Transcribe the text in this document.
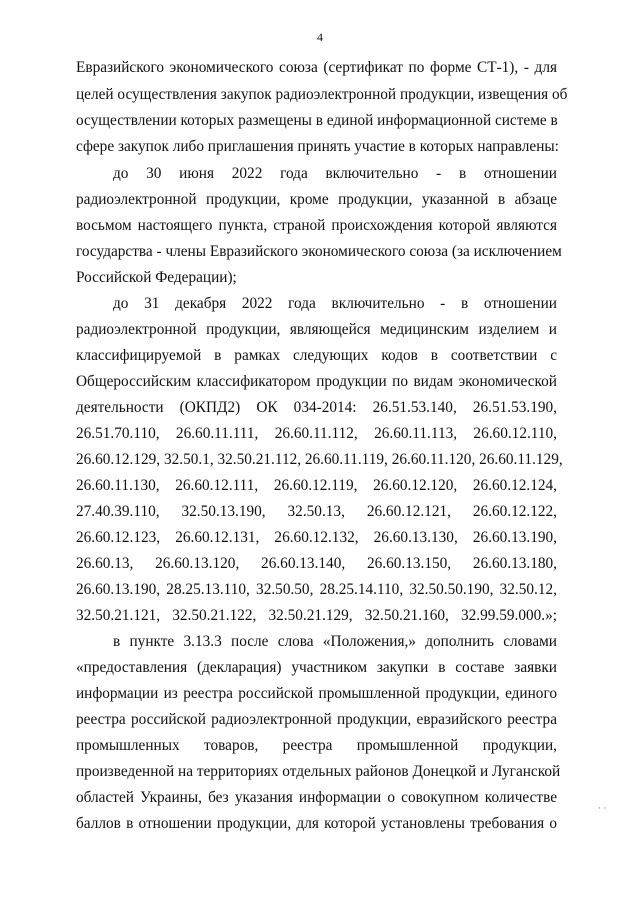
4
Евразийского экономического союза (сертификат по форме СТ-1), - для
целей осуществления закупок радиоэлектронной продукции, извещения об
осуществлении которых размещены в единой информационной системе в
сфере закупок либо приглашения принять участие в которых направлены:
до 30 июня 2022 года включительно - в отношении
радиоэлектронной продукции, кроме продукции, указанной в абзаце
восьмом настоящего пункта, страной происхождения которой являются
государства - члены Евразийского экономического союза (за исключением
Российской Федерации);
до 31 декабря 2022 года включительно - в отношении
радиоэлектронной продукции, являющейся медицинским изделием и
классифицируемой в рамках следующих кодов в соответствии с
Общероссийским классификатором продукции по видам экономической
деятельности (ОКПД2) ОК 034-2014: 26.51.53.140, 26.51.53.190,
26.51.70.110, 26.60.11.111, 26.60.11.112, 26.60.11.113, 26.60.12.110,
26.60.12.129, 32.50.1, 32.50.21.112, 26.60.11.119, 26.60.11.120, 26.60.11.129,
26.60.11.130, 26.60.12.111, 26.60.12.119, 26.60.12.120, 26.60.12.124,
27.40.39.110, 32.50.13.190, 32.50.13, 26.60.12.121, 26.60.12.122,
26.60.12.123, 26.60.12.131, 26.60.12.132, 26.60.13.130, 26.60.13.190,
26.60.13, 26.60.13.120, 26.60.13.140, 26.60.13.150, 26.60.13.180,
26.60.13.190, 28.25.13.110, 32.50.50, 28.25.14.110, 32.50.50.190, 32.50.12,
32.50.21.121, 32.50.21.122, 32.50.21.129, 32.50.21.160, 32.99.59.000.»;
в пункте 3.13.3 после слова «Положения,» дополнить словами
«предоставления (декларация) участником закупки в составе заявки
информации из реестра российской промышленной продукции, единого
реестра российской радиоэлектронной продукции, евразийского реестра
промышленных товаров, реестра промышленной продукции,
произведенной на территориях отдельных районов Донецкой и Луганской
областей Украины, без указания информации о совокупном количестве
баллов в отношении продукции, для которой установлены требования о
· ·
